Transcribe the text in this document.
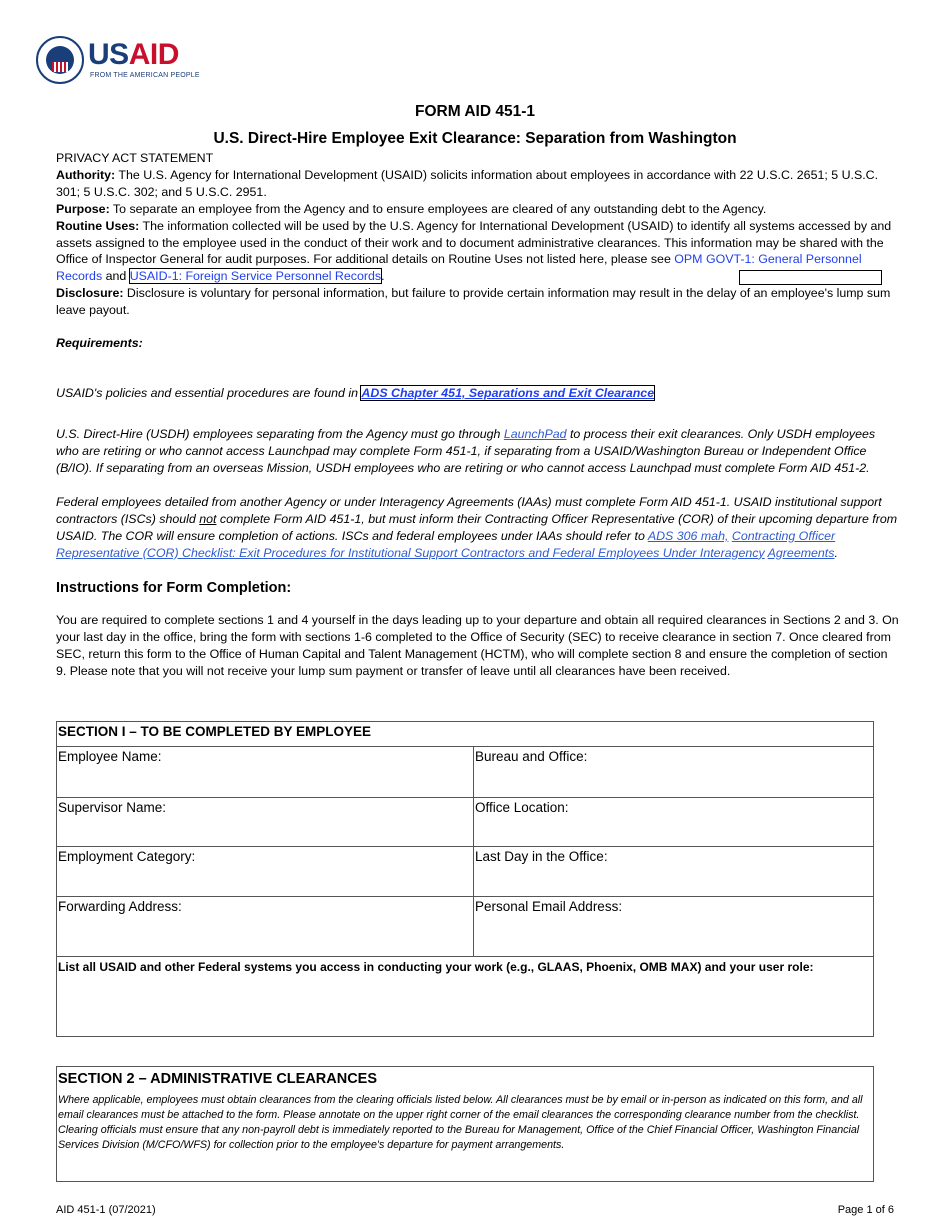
USAID
FROM THE AMERICAN PEOPLE
FORM AID 451-1
U.S. Direct-Hire Employee Exit Clearance: Separation from Washington
PRIVACY ACT STATEMENT
Authority: The U.S. Agency for International Development (USAID) solicits information about employees in accordance with 22 U.S.C. 2651; 5 U.S.C. 301; 5 U.S.C. 302; and 5 U.S.C. 2951.
Purpose: To separate an employee from the Agency and to ensure employees are cleared of any outstanding debt to the Agency.
Routine Uses: The information collected will be used by the U.S. Agency for International Development (USAID) to identify all systems accessed by and assets assigned to the employee used in the conduct of their work and to document administrative clearances. This information may be shared with the Office of Inspector General for audit purposes. For additional details on Routine Uses not listed here, please see OPM GOVT-1: General Personnel Records and USAID-1: Foreign Service Personnel Records.
Disclosure: Disclosure is voluntary for personal information, but failure to provide certain information may result in the delay of an employee's lump sum leave payout.
Requirements:
USAID's policies and essential procedures are found in ADS Chapter 451, Separations and Exit Clearance
U.S. Direct-Hire (USDH) employees separating from the Agency must go through LaunchPad to process their exit clearances. Only USDH employees who are retiring or who cannot access Launchpad may complete Form 451-1, if separating from a USAID/Washington Bureau or Independent Office (B/IO). If separating from an overseas Mission, USDH employees who are retiring or who cannot access Launchpad must complete Form AID 451-2.
Federal employees detailed from another Agency or under Interagency Agreements (IAAs) must complete Form AID 451-1. USAID institutional support contractors (ISCs) should not complete Form AID 451-1, but must inform their Contracting Officer Representative (COR) of their upcoming departure from USAID. The COR will ensure completion of actions. ISCs and federal employees under IAAs should refer to ADS 306 mah, Contracting Officer Representative (COR) Checklist: Exit Procedures for Institutional Support Contractors and Federal Employees Under Interagency Agreements.
Instructions for Form Completion:
You are required to complete sections 1 and 4 yourself in the days leading up to your departure and obtain all required clearances in Sections 2 and 3. On your last day in the office, bring the form with sections 1-6 completed to the Office of Security (SEC) to receive clearance in section 7. Once cleared from SEC, return this form to the Office of Human Capital and Talent Management (HCTM), who will complete section 8 and ensure the completion of section 9. Please note that you will not receive your lump sum payment or transfer of leave until all clearances have been received.
SECTION I – TO BE COMPLETED BY EMPLOYEE	
Employee Name:	Bureau and Office:
Supervisor Name:	Office Location:
Employment Category:	Last Day in the Office:
Forwarding Address:	Personal Email Address:
List all USAID and other Federal systems you access in conducting your work (e.g., GLAAS, Phoenix, OMB MAX) and your user role:	
SECTION 2 – ADMINISTRATIVE CLEARANCES
Where applicable, employees must obtain clearances from the clearing officials listed below. All clearances must be by email or in-person as indicated on this form, and all email clearances must be attached to the form. Please annotate on the upper right corner of the email clearances the corresponding clearance number from the checklist.
Clearing officials must ensure that any non-payroll debt is immediately reported to the Bureau for Management, Office of the Chief Financial Officer, Washington Financial Services Division (M/CFO/WFS) for collection prior to the employee's departure for payment arrangements.
AID 451-1 (07/2021)	Page 1 of 6
